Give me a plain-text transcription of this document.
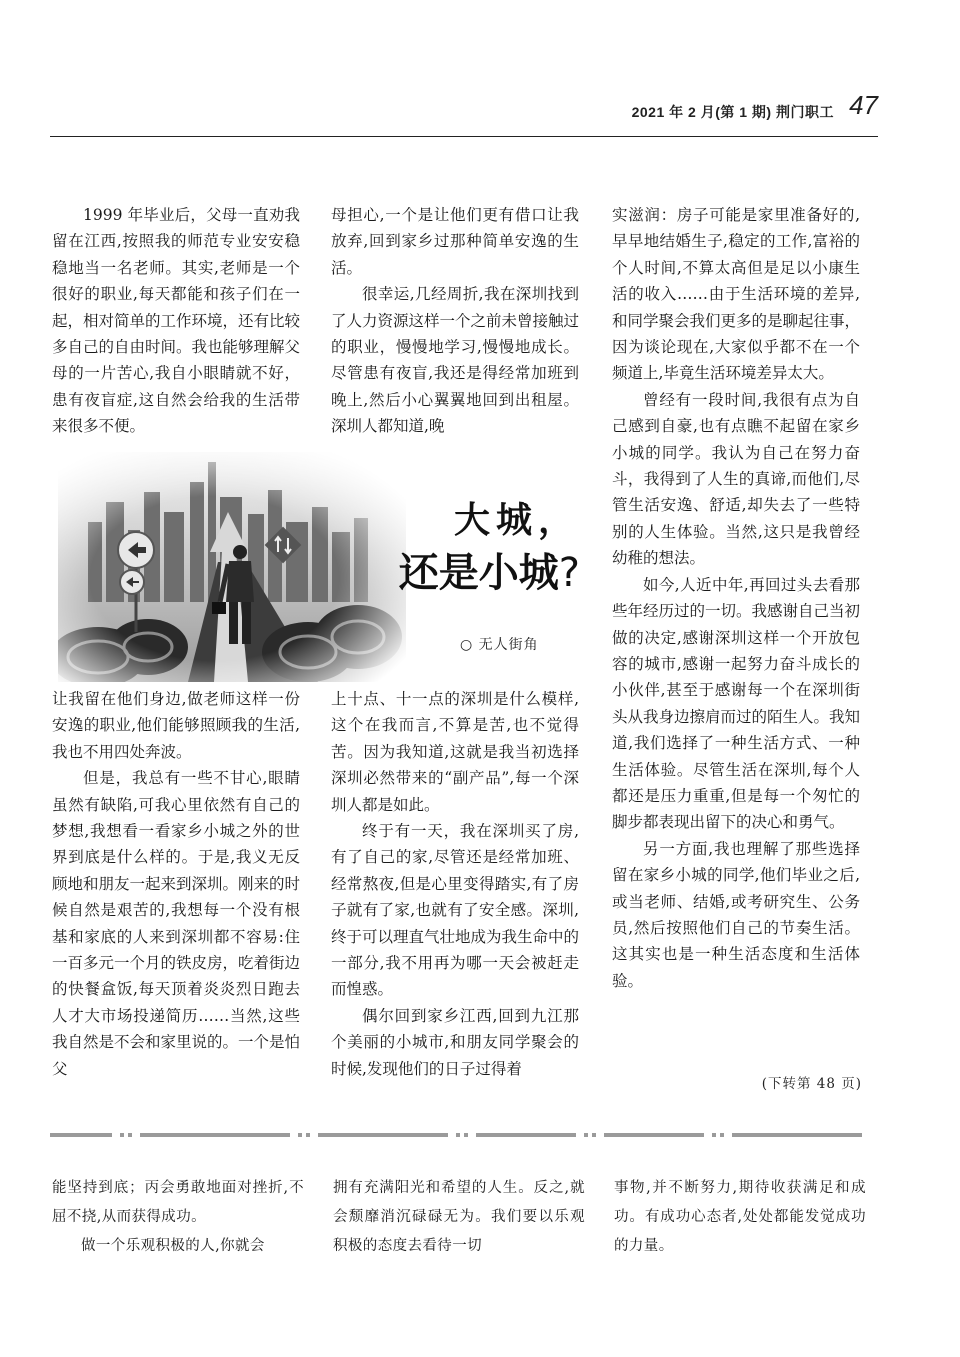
2021 年 2 月(第 1 期) 荆门职工 47

1999 年毕业后，父母一直劝我留在江西,按照我的师范专业安安稳稳地当一名老师。其实,老师是一个很好的职业,每天都能和孩子们在一起，相对简单的工作环境，还有比较多自己的自由时间。我也能够理解父母的一片苦心,我自小眼睛就不好，患有夜盲症,这自然会给我的生活带来很多不便。

母担心,一个是让他们更有借口让我放弃,回到家乡过那种简单安逸的生活。

很幸运,几经周折,我在深圳找到了人力资源这样一个之前未曾接触过的职业，慢慢地学习,慢慢地成长。尽管患有夜盲,我还是得经常加班到晚上,然后小心翼翼地回到出租屋。深圳人都知道,晚

大城，
还是小城?
○ 无人街角

让我留在他们身边,做老师这样一份安逸的职业,他们能够照顾我的生活,我也不用四处奔波。

但是，我总有一些不甘心,眼睛虽然有缺陷,可我心里依然有自己的梦想,我想看一看家乡小城之外的世界到底是什么样的。于是,我义无反顾地和朋友一起来到深圳。刚来的时候自然是艰苦的,我想每一个没有根基和家底的人来到深圳都不容易:住一百多元一个月的铁皮房，吃着街边的快餐盒饭,每天顶着炎炎烈日跑去人才大市场投递简历……当然,这些我自然是不会和家里说的。一个是怕父

上十点、十一点的深圳是什么模样,这个在我而言,不算是苦,也不觉得苦。因为我知道,这就是我当初选择深圳必然带来的“副产品”,每一个深圳人都是如此。

终于有一天，我在深圳买了房,有了自己的家,尽管还是经常加班、经常熬夜,但是心里变得踏实,有了房子就有了家,也就有了安全感。深圳,终于可以理直气壮地成为我生命中的一部分,我不用再为哪一天会被赶走而惶惑。

偶尔回到家乡江西,回到九江那个美丽的小城市,和朋友同学聚会的时候,发现他们的日子过得着

实滋润：房子可能是家里准备好的,早早地结婚生子,稳定的工作,富裕的个人时间,不算太高但是足以小康生活的收入……由于生活环境的差异,和同学聚会我们更多的是聊起往事，因为谈论现在,大家似乎都不在一个频道上,毕竟生活环境差异太大。

曾经有一段时间,我很有点为自己感到自豪,也有点瞧不起留在家乡小城的同学。我认为自己在努力奋斗，我得到了人生的真谛,而他们,尽管生活安逸、舒适,却失去了一些特别的人生体验。当然,这只是我曾经幼稚的想法。

如今,人近中年,再回过头去看那些年经历过的一切。我感谢自己当初做的决定,感谢深圳这样一个开放包容的城市,感谢一起努力奋斗成长的小伙伴,甚至于感谢每一个在深圳街头从我身边擦肩而过的陌生人。我知道,我们选择了一种生活方式、一种生活体验。尽管生活在深圳,每个人都还是压力重重,但是每一个匆忙的脚步都表现出留下的决心和勇气。

另一方面,我也理解了那些选择留在家乡小城的同学,他们毕业之后,或当老师、结婚,或考研究生、公务员,然后按照他们自己的节奏生活。这其实也是一种生活态度和生活体验。

(下转第 48 页)

能坚持到底；丙会勇敢地面对挫折,不屈不挠,从而获得成功。

做一个乐观积极的人,你就会

拥有充满阳光和希望的人生。反之,就会颓靡消沉碌碌无为。我们要以乐观积极的态度去看待一切

事物,并不断努力,期待收获满足和成功。有成功心态者,处处都能发觉成功的力量。
